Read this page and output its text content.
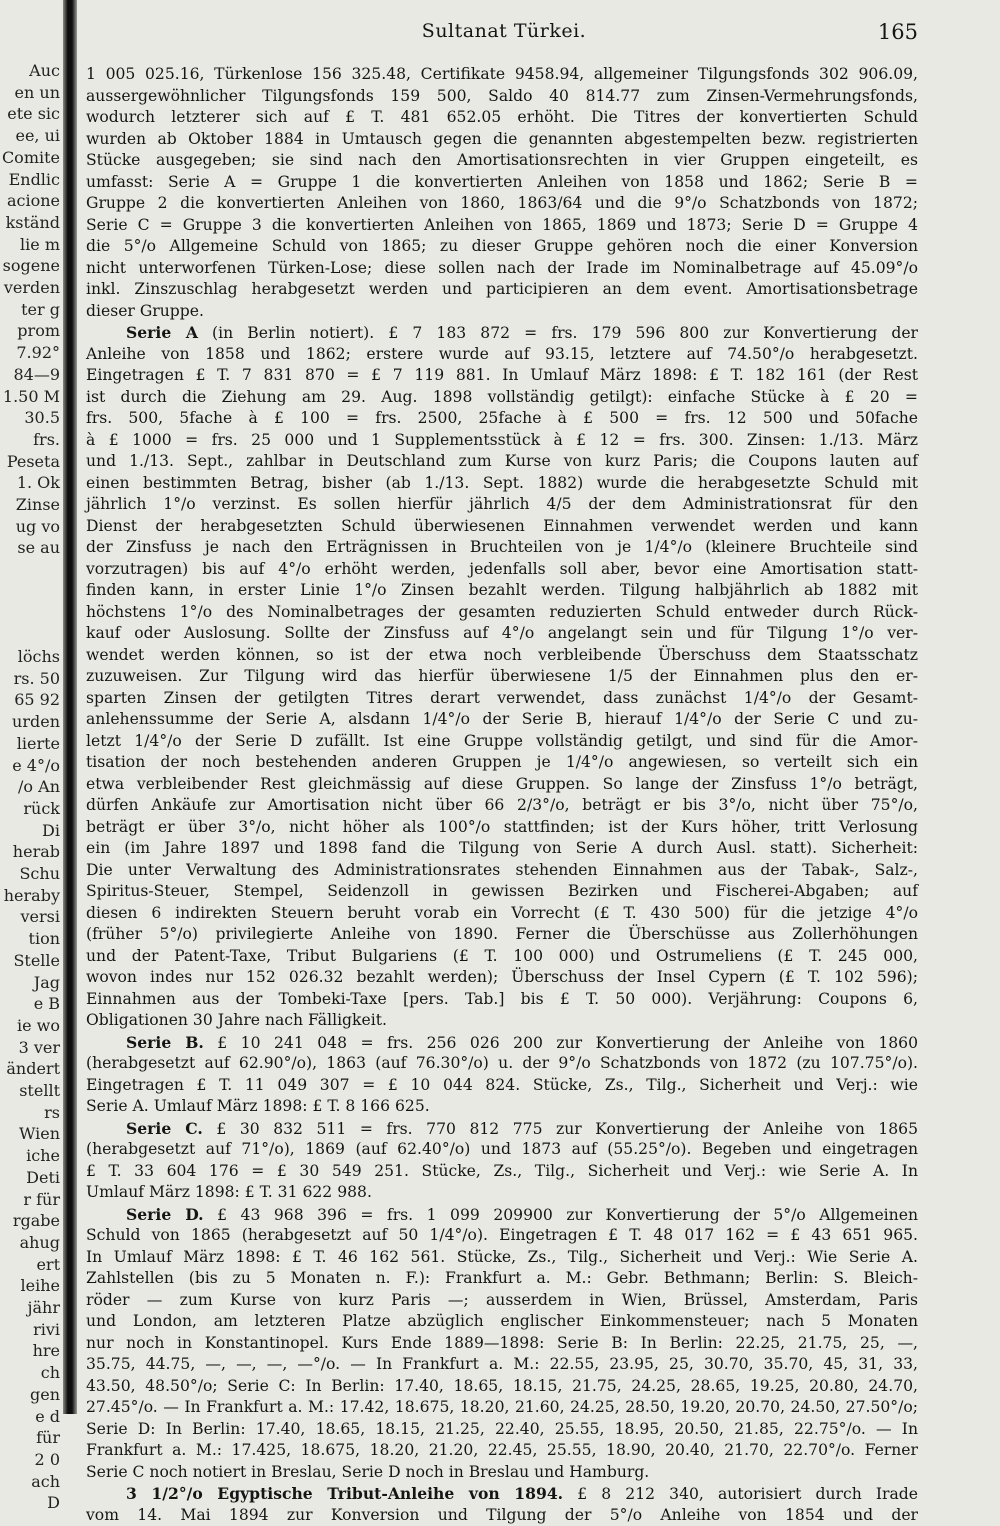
Auc
en un
ete sic
ee, ui
Comite
Endlic
acione
kständ
lie m
sogene
verden
ter g
prom
7.92°
84—9
1.50 M
30.5
frs.
Peseta
1. Ok
Zinse
ug vo
se au

löchs
rs. 50
65 92
urden
lierte
e 4°/o
/o An
rück
Di
herab
Schu
heraby
versi
tion
Stelle
Jag
e B
ie wo
3 ver
ändert
stellt
rs
Wien
iche
Deti
r für
rgabe
ahug
ert
leihe
jähr
rivi
hre
ch
gen
e d
für
2 0
ach
D
Sultanat Türkei.	165
1 005 025.16, Türkenlose 156 325.48, Certifikate 9458.94, allgemeiner Tilgungsfonds 302 906.09,
aussergewöhnlicher Tilgungsfonds 159 500, Saldo 40 814.77 zum Zinsen-Vermehrungsfonds,
wodurch letzterer sich auf £ T. 481 652.05 erhöht. Die Titres der konvertierten Schuld
wurden ab Oktober 1884 in Umtausch gegen die genannten abgestempelten bezw. registrierten
Stücke ausgegeben; sie sind nach den Amortisationsrechten in vier Gruppen eingeteilt, es
umfasst: Serie A = Gruppe 1 die konvertierten Anleihen von 1858 und 1862; Serie B =
Gruppe 2 die konvertierten Anleihen von 1860, 1863/64 und die 9°/o Schatzbonds von 1872;
Serie C = Gruppe 3 die konvertierten Anleihen von 1865, 1869 und 1873; Serie D = Gruppe 4
die 5°/o Allgemeine Schuld von 1865; zu dieser Gruppe gehören noch die einer Konversion
nicht unterworfenen Türken-Lose; diese sollen nach der Irade im Nominalbetrage auf 45.09°/o
inkl. Zinszuschlag herabgesetzt werden und participieren an dem event. Amortisationsbetrage
dieser Gruppe.
Serie A (in Berlin notiert). £ 7 183 872 = frs. 179 596 800 zur Konvertierung der
Anleihe von 1858 und 1862; erstere wurde auf 93.15, letztere auf 74.50°/o herabgesetzt.
Eingetragen £ T. 7 831 870 = £ 7 119 881. In Umlauf März 1898: £ T. 182 161 (der Rest
ist durch die Ziehung am 29. Aug. 1898 vollständig getilgt): einfache Stücke à £ 20 =
frs. 500, 5fache à £ 100 = frs. 2500, 25fache à £ 500 = frs. 12 500 und 50fache
à £ 1000 = frs. 25 000 und 1 Supplementsstück à £ 12 = frs. 300. Zinsen: 1./13. März
und 1./13. Sept., zahlbar in Deutschland zum Kurse von kurz Paris; die Coupons lauten auf
einen bestimmten Betrag, bisher (ab 1./13. Sept. 1882) wurde die herabgesetzte Schuld mit
jährlich 1°/o verzinst. Es sollen hierfür jährlich 4/5 der dem Administrationsrat für den
Dienst der herabgesetzten Schuld überwiesenen Einnahmen verwendet werden und kann
der Zinsfuss je nach den Erträgnissen in Bruchteilen von je 1/4°/o (kleinere Bruchteile sind
vorzutragen) bis auf 4°/o erhöht werden, jedenfalls soll aber, bevor eine Amortisation statt-
finden kann, in erster Linie 1°/o Zinsen bezahlt werden. Tilgung halbjährlich ab 1882 mit
höchstens 1°/o des Nominalbetrages der gesamten reduzierten Schuld entweder durch Rück-
kauf oder Auslosung. Sollte der Zinsfuss auf 4°/o angelangt sein und für Tilgung 1°/o ver-
wendet werden können, so ist der etwa noch verbleibende Überschuss dem Staatsschatz
zuzuweisen. Zur Tilgung wird das hierfür überwiesene 1/5 der Einnahmen plus den er-
sparten Zinsen der getilgten Titres derart verwendet, dass zunächst 1/4°/o der Gesamt-
anlehenssumme der Serie A, alsdann 1/4°/o der Serie B, hierauf 1/4°/o der Serie C und zu-
letzt 1/4°/o der Serie D zufällt. Ist eine Gruppe vollständig getilgt, und sind für die Amor-
tisation der noch bestehenden anderen Gruppen je 1/4°/o angewiesen, so verteilt sich ein
etwa verbleibender Rest gleichmässig auf diese Gruppen. So lange der Zinsfuss 1°/o beträgt,
dürfen Ankäufe zur Amortisation nicht über 66 2/3°/o, beträgt er bis 3°/o, nicht über 75°/o,
beträgt er über 3°/o, nicht höher als 100°/o stattfinden; ist der Kurs höher, tritt Verlosung
ein (im Jahre 1897 und 1898 fand die Tilgung von Serie A durch Ausl. statt). Sicherheit:
Die unter Verwaltung des Administrationsrates stehenden Einnahmen aus der Tabak-, Salz-,
Spiritus-Steuer, Stempel, Seidenzoll in gewissen Bezirken und Fischerei-Abgaben; auf
diesen 6 indirekten Steuern beruht vorab ein Vorrecht (£ T. 430 500) für die jetzige 4°/o
(früher 5°/o) privilegierte Anleihe von 1890. Ferner die Überschüsse aus Zollerhöhungen
und der Patent-Taxe, Tribut Bulgariens (£ T. 100 000) und Ostrumeliens (£ T. 245 000,
wovon indes nur 152 026.32 bezahlt werden); Überschuss der Insel Cypern (£ T. 102 596);
Einnahmen aus der Tombeki-Taxe [pers. Tab.] bis £ T. 50 000). Verjährung: Coupons 6,
Obligationen 30 Jahre nach Fälligkeit.
Serie B. £ 10 241 048 = frs. 256 026 200 zur Konvertierung der Anleihe von 1860
(herabgesetzt auf 62.90°/o), 1863 (auf 76.30°/o) u. der 9°/o Schatzbonds von 1872 (zu 107.75°/o).
Eingetragen £ T. 11 049 307 = £ 10 044 824. Stücke, Zs., Tilg., Sicherheit und Verj.: wie
Serie A. Umlauf März 1898: £ T. 8 166 625.
Serie C. £ 30 832 511 = frs. 770 812 775 zur Konvertierung der Anleihe von 1865
(herabgesetzt auf 71°/o), 1869 (auf 62.40°/o) und 1873 auf (55.25°/o). Begeben und eingetragen
£ T. 33 604 176 = £ 30 549 251. Stücke, Zs., Tilg., Sicherheit und Verj.: wie Serie A. In
Umlauf März 1898: £ T. 31 622 988.
Serie D. £ 43 968 396 = frs. 1 099 209900 zur Konvertierung der 5°/o Allgemeinen
Schuld von 1865 (herabgesetzt auf 50 1/4°/o). Eingetragen £ T. 48 017 162 = £ 43 651 965.
In Umlauf März 1898: £ T. 46 162 561. Stücke, Zs., Tilg., Sicherheit und Verj.: Wie Serie A.
Zahlstellen (bis zu 5 Monaten n. F.): Frankfurt a. M.: Gebr. Bethmann; Berlin: S. Bleich-
röder — zum Kurse von kurz Paris —; ausserdem in Wien, Brüssel, Amsterdam, Paris
und London, am letzteren Platze abzüglich englischer Einkommensteuer; nach 5 Monaten
nur noch in Konstantinopel. Kurs Ende 1889—1898: Serie B: In Berlin: 22.25, 21.75, 25, —,
35.75, 44.75, —, —, —, —°/o. — In Frankfurt a. M.: 22.55, 23.95, 25, 30.70, 35.70, 45, 31, 33,
43.50, 48.50°/o; Serie C: In Berlin: 17.40, 18.65, 18.15, 21.75, 24.25, 28.65, 19.25, 20.80, 24.70,
27.45°/o. — In Frankfurt a. M.: 17.42, 18.675, 18.20, 21.60, 24.25, 28.50, 19.20, 20.70, 24.50, 27.50°/o;
Serie D: In Berlin: 17.40, 18.65, 18.15, 21.25, 22.40, 25.55, 18.95, 20.50, 21.85, 22.75°/o. — In
Frankfurt a. M.: 17.425, 18.675, 18.20, 21.20, 22.45, 25.55, 18.90, 20.40, 21.70, 22.70°/o. Ferner
Serie C noch notiert in Breslau, Serie D noch in Breslau und Hamburg.
3 1/2°/o Egyptische Tribut-Anleihe von 1894. £ 8 212 340, autorisiert durch Irade
vom 14. Mai 1894 zur Konversion und Tilgung der 5°/o Anleihe von 1854 und der
